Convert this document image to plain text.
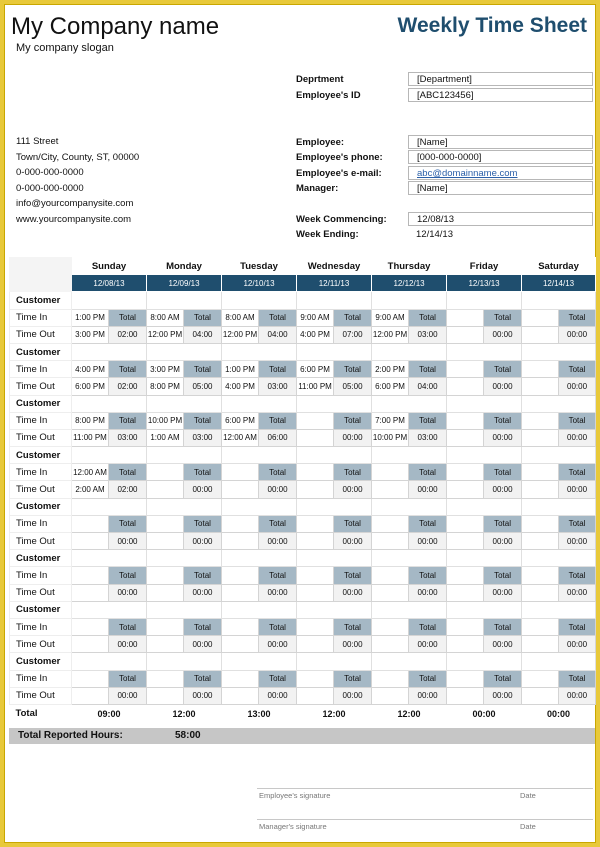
My Company name
My company slogan
Weekly Time Sheet
Deprtment	[Department]
Employee's ID	[ABC123456]
111 Street
Town/City, County, ST, 00000
0-000-000-0000
0-000-000-0000
info@yourcompanysite.com
www.yourcompanysite.com
Employee:	[Name]
Employee's phone:	[000-000-0000]
Employee's e-mail:	abc@domainname.com
Manager:	[Name]
Week Commencing:	12/08/13
Week Ending:	12/14/13
	Sunday		Monday		Tuesday		Wednesday		Thursday		Friday		Saturday	
	12/08/13		12/09/13		12/10/13		12/11/13		12/12/13		12/13/13		12/14/13	
Customer														
Time In	1:00 PM	Total	8:00 AM	Total	8:00 AM	Total	9:00 AM	Total	9:00 AM	Total		Total		Total
Time Out	3:00 PM	02:00	12:00 PM	04:00	12:00 PM	04:00	4:00 PM	07:00	12:00 PM	03:00		00:00		00:00
Customer														
Time In	4:00 PM	Total	3:00 PM	Total	1:00 PM	Total	6:00 PM	Total	2:00 PM	Total		Total		Total
Time Out	6:00 PM	02:00	8:00 PM	05:00	4:00 PM	03:00	11:00 PM	05:00	6:00 PM	04:00		00:00		00:00
Customer														
Time In	8:00 PM	Total	10:00 PM	Total	6:00 PM	Total		Total	7:00 PM	Total		Total		Total
Time Out	11:00 PM	03:00	1:00 AM	03:00	12:00 AM	06:00		00:00	10:00 PM	03:00		00:00		00:00
Customer														
Time In	12:00 AM	Total		Total		Total		Total		Total		Total		Total
Time Out	2:00 AM	02:00		00:00		00:00		00:00		00:00		00:00		00:00
Customer														
Time In		Total		Total		Total		Total		Total		Total		Total
Time Out		00:00		00:00		00:00		00:00		00:00		00:00		00:00
Customer														
Time In		Total		Total		Total		Total		Total		Total		Total
Time Out		00:00		00:00		00:00		00:00		00:00		00:00		00:00
Customer														
Time In		Total		Total		Total		Total		Total		Total		Total
Time Out		00:00		00:00		00:00		00:00		00:00		00:00		00:00
Customer														
Time In		Total		Total		Total		Total		Total		Total		Total
Time Out		00:00		00:00		00:00		00:00		00:00		00:00		00:00
Total	09:00		12:00		13:00		12:00		12:00		00:00		00:00	
Total Reported Hours:	58:00
Employee's signature	Date
Manager's signature	Date
